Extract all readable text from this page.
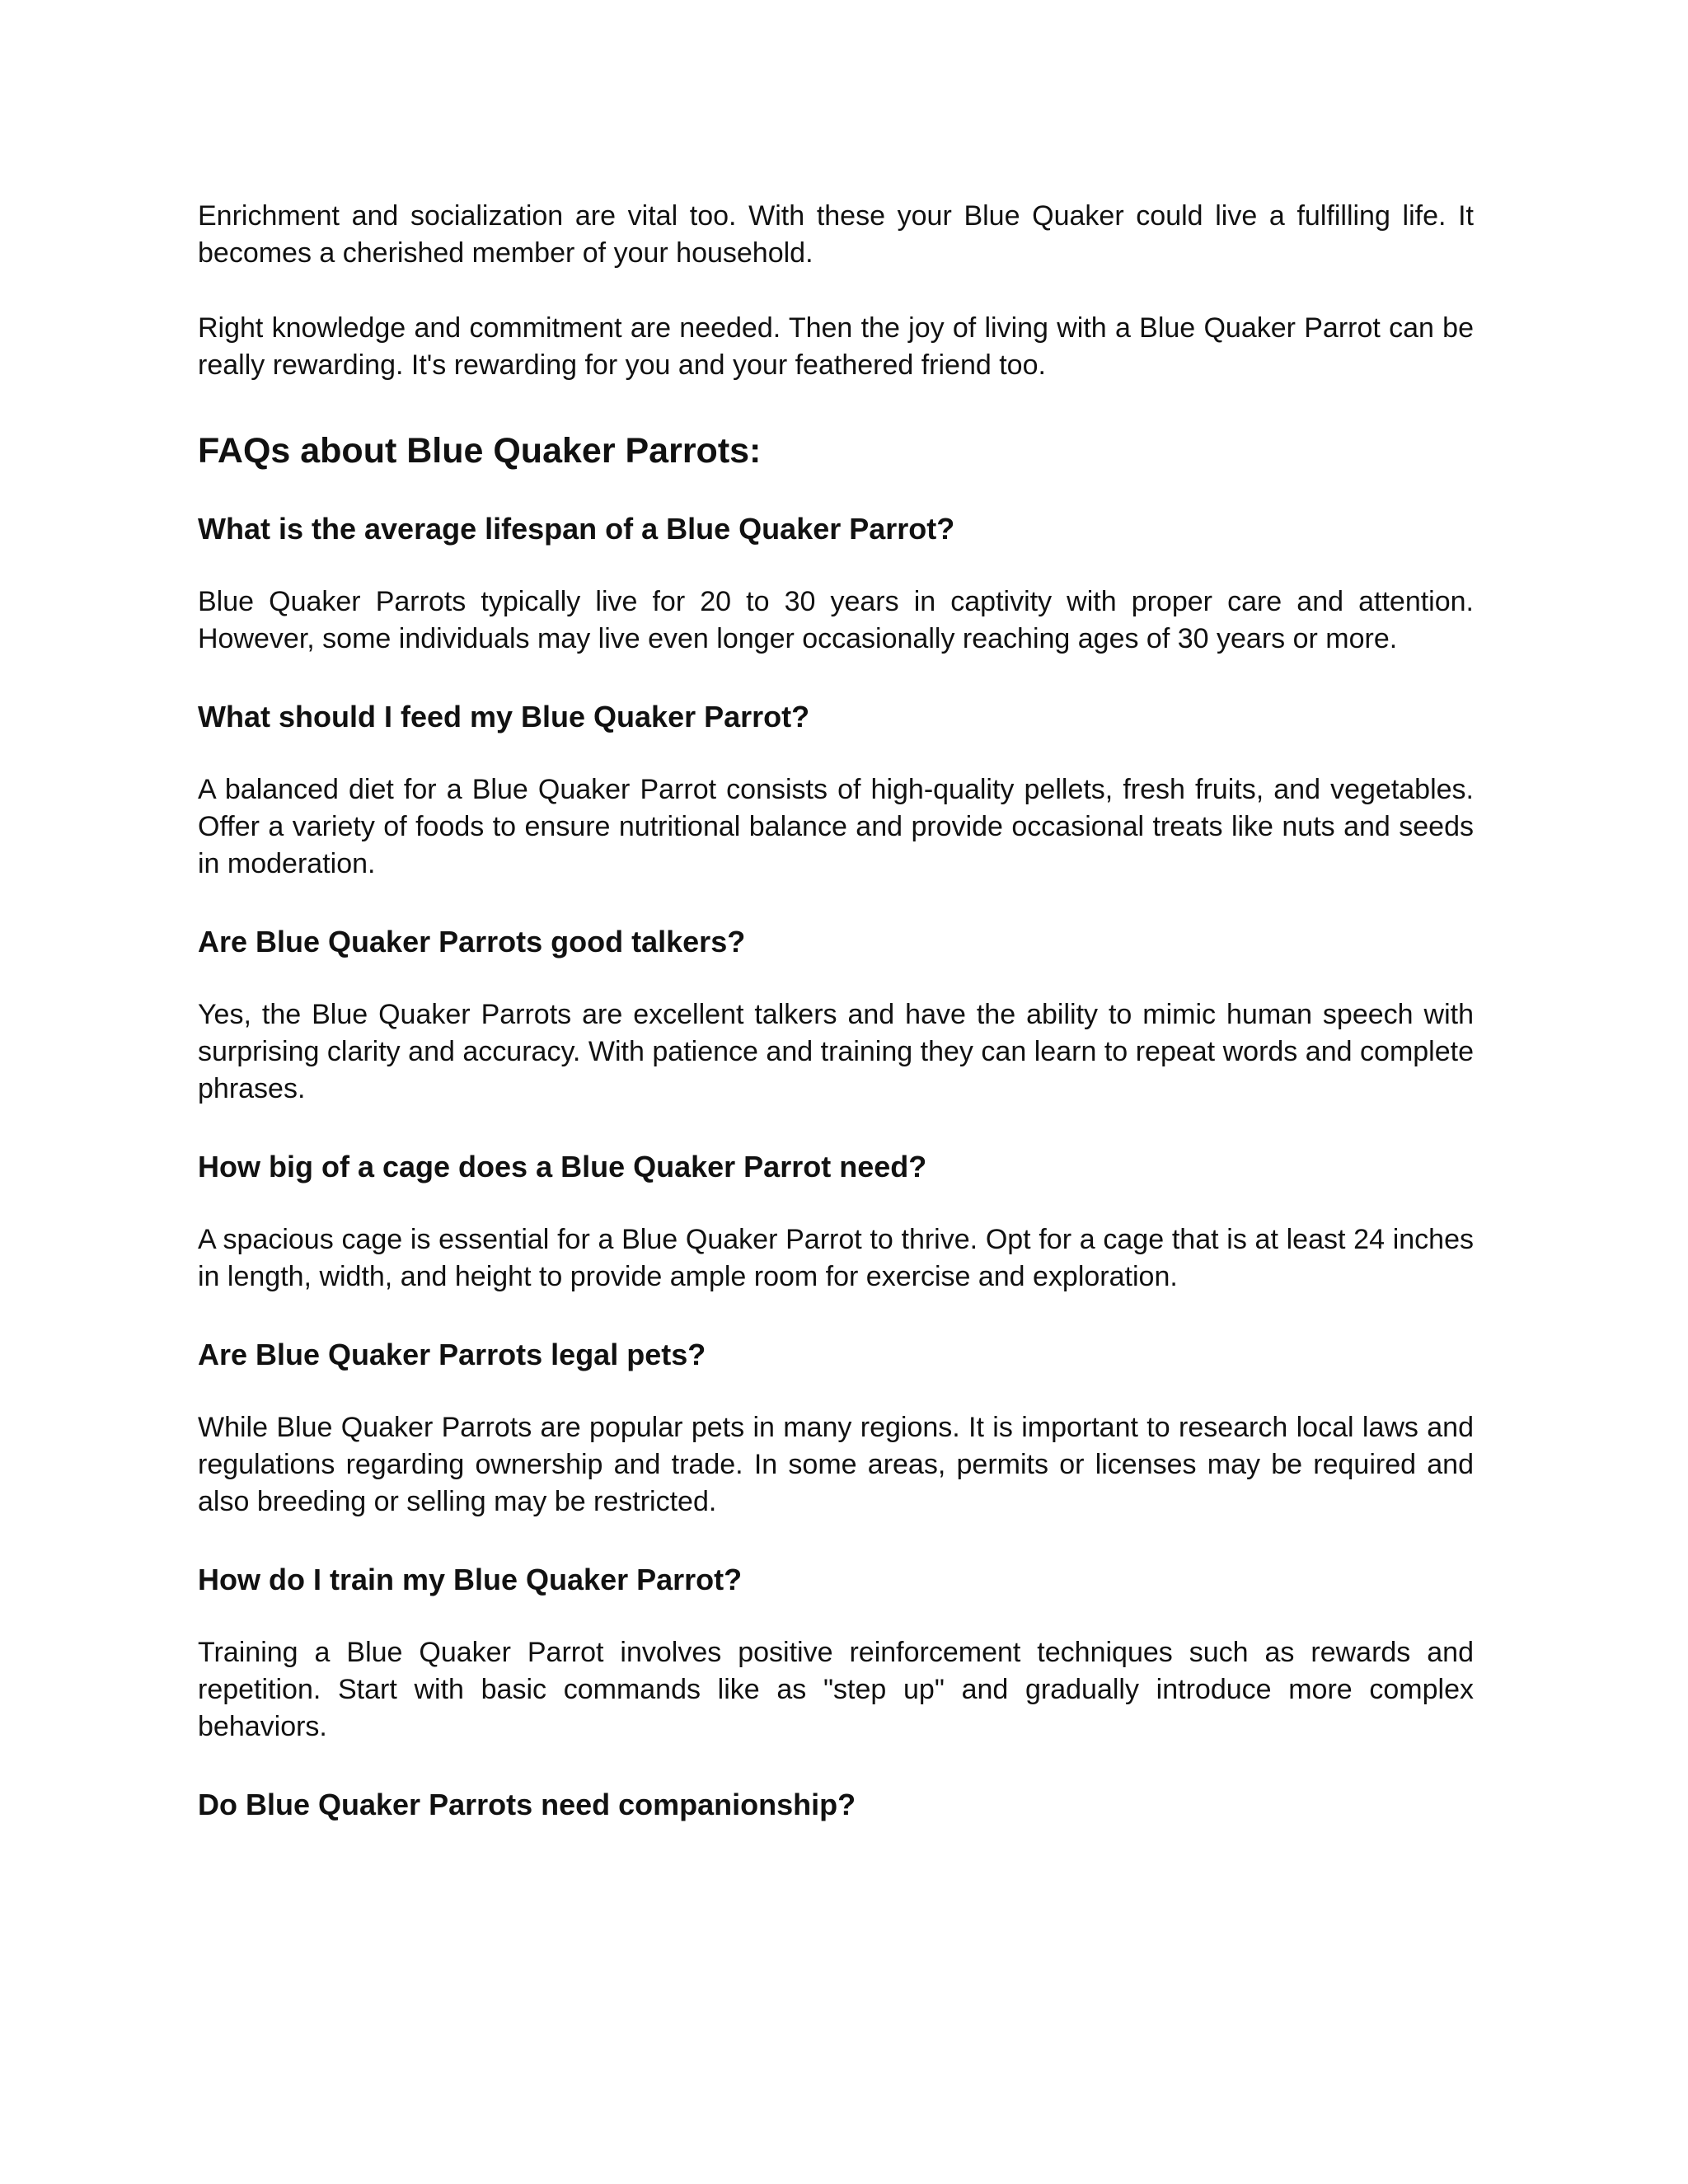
Enrichment and socialization are vital too. With these your Blue Quaker could live a fulfilling life. It becomes a cherished member of your household.

Right knowledge and commitment are needed. Then the joy of living with a Blue Quaker Parrot can be really rewarding. It's rewarding for you and your feathered friend too.

FAQs about Blue Quaker Parrots:
What is the average lifespan of a Blue Quaker Parrot?

Blue Quaker Parrots typically live for 20 to 30 years in captivity with proper care and attention. However, some individuals may live even longer occasionally reaching ages of 30 years or more.

What should I feed my Blue Quaker Parrot?

A balanced diet for a Blue Quaker Parrot consists of high-quality pellets, fresh fruits, and vegetables. Offer a variety of foods to ensure nutritional balance and provide occasional treats like nuts and seeds in moderation.

Are Blue Quaker Parrots good talkers?

Yes, the Blue Quaker Parrots are excellent talkers and have the ability to mimic human speech with surprising clarity and accuracy. With patience and training they can learn to repeat words and complete phrases.

How big of a cage does a Blue Quaker Parrot need?

A spacious cage is essential for a Blue Quaker Parrot to thrive. Opt for a cage that is at least 24 inches in length, width, and height to provide ample room for exercise and exploration.

Are Blue Quaker Parrots legal pets?

While Blue Quaker Parrots are popular pets in many regions. It is important to research local laws and regulations regarding ownership and trade. In some areas, permits or licenses may be required and also breeding or selling may be restricted.

How do I train my Blue Quaker Parrot?

Training a Blue Quaker Parrot involves positive reinforcement techniques such as rewards and repetition. Start with basic commands like as "step up" and gradually introduce more complex behaviors.

Do Blue Quaker Parrots need companionship?
